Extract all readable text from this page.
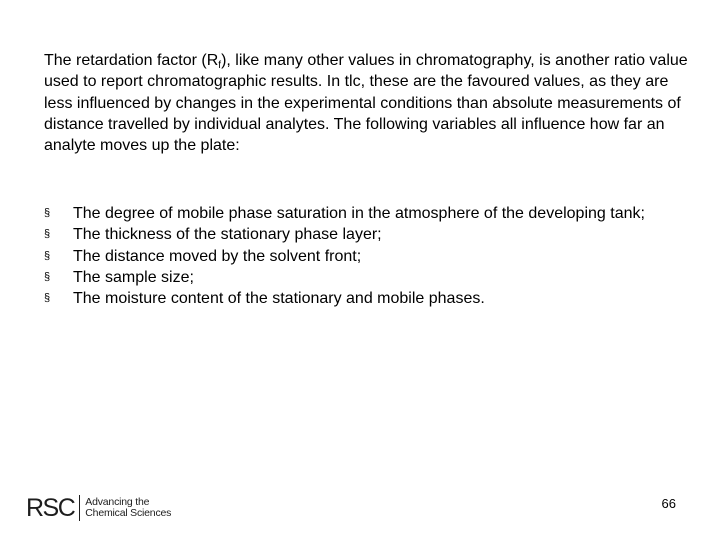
The retardation factor $(R_f)$, like many other values in chromatography, is another ratio value used to report chromatographic results. In tlc, these are the favoured values, as they are less influenced by changes in the experimental conditions than absolute measurements of distance travelled by individual analytes. The following variables all influence how far an analyte moves up the plate:

§ The degree of mobile phase saturation in the atmosphere of the developing tank;
§ The thickness of the stationary phase layer;
§ The distance moved by the solvent front;
§ The sample size;
§ The moisture content of the stationary and mobile phases.
RSC Advancing the
Chemical Sciences
66
